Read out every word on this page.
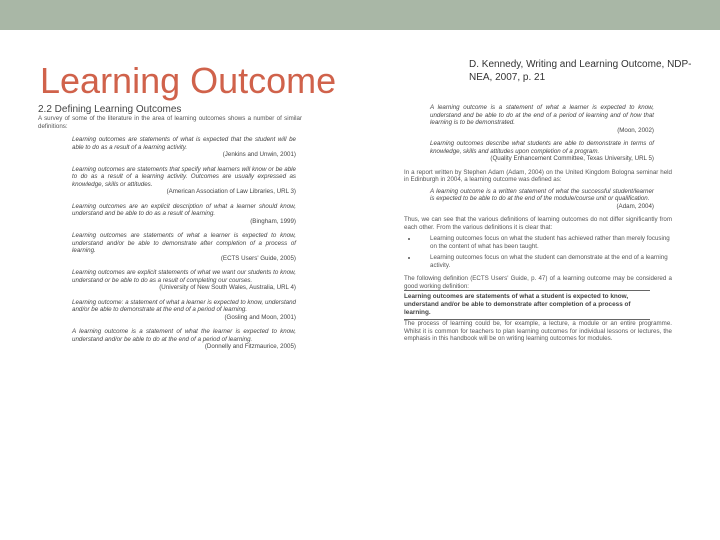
Learning Outcome	D. Kennedy, Writing and Learning Outcome, NDP-NEA, 2007, p. 21
2.2 Defining Learning Outcomes

A survey of some of the literature in the area of learning outcomes shows a number of similar definitions:

Learning outcomes are statements of what is expected that the student will be able to do as a result of a learning activity.

(Jenkins and Unwin, 2001)

Learning outcomes are statements that specify what learners will know or be able to do as a result of a learning activity. Outcomes are usually expressed as knowledge, skills or attitudes.

(American Association of Law Libraries, URL 3)

Learning outcomes are an explicit description of what a learner should know, understand and be able to do as a result of learning.

(Bingham, 1999)

Learning outcomes are statements of what a learner is expected to know, understand and/or be able to demonstrate after completion of a process of learning.

(ECTS Users' Guide, 2005)

Learning outcomes are explicit statements of what we want our students to know, understand or be able to do as a result of completing our courses.

(University of New South Wales, Australia, URL 4)

Learning outcome: a statement of what a learner is expected to know, understand and/or be able to demonstrate at the end of a period of learning.

(Gosling and Moon, 2001)

A learning outcome is a statement of what the learner is expected to know, understand and/or be able to do at the end of a period of learning.

(Donnelly and Fitzmaurice, 2005)

A learning outcome is a statement of what a learner is expected to know, understand and be able to do at the end of a period of learning and of how that learning is to be demonstrated.

(Moon, 2002)

Learning outcomes describe what students are able to demonstrate in terms of knowledge, skills and attitudes upon completion of a program.

(Quality Enhancement Committee, Texas University, URL 5)

In a report written by Stephen Adam (Adam, 2004) on the United Kingdom Bologna seminar held in Edinburgh in 2004, a learning outcome was defined as:

A learning outcome is a written statement of what the successful student/learner is expected to be able to do at the end of the module/course unit or qualification.

(Adam, 2004)

Thus, we can see that the various definitions of learning outcomes do not differ significantly from each other. From the various definitions it is clear that:

• Learning outcomes focus on what the student has achieved rather than merely focusing on the content of what has been taught.
• Learning outcomes focus on what the student can demonstrate at the end of a learning activity.

The following definition (ECTS Users' Guide, p. 47) of a learning outcome may be considered a good working definition:

Learning outcomes are statements of what a student is expected to know, understand and/or be able to demonstrate after completion of a process of learning.

The process of learning could be, for example, a lecture, a module or an entire programme. Whilst it is common for teachers to plan learning outcomes for individual lessons or lectures, the emphasis in this handbook will be on writing learning outcomes for modules.
